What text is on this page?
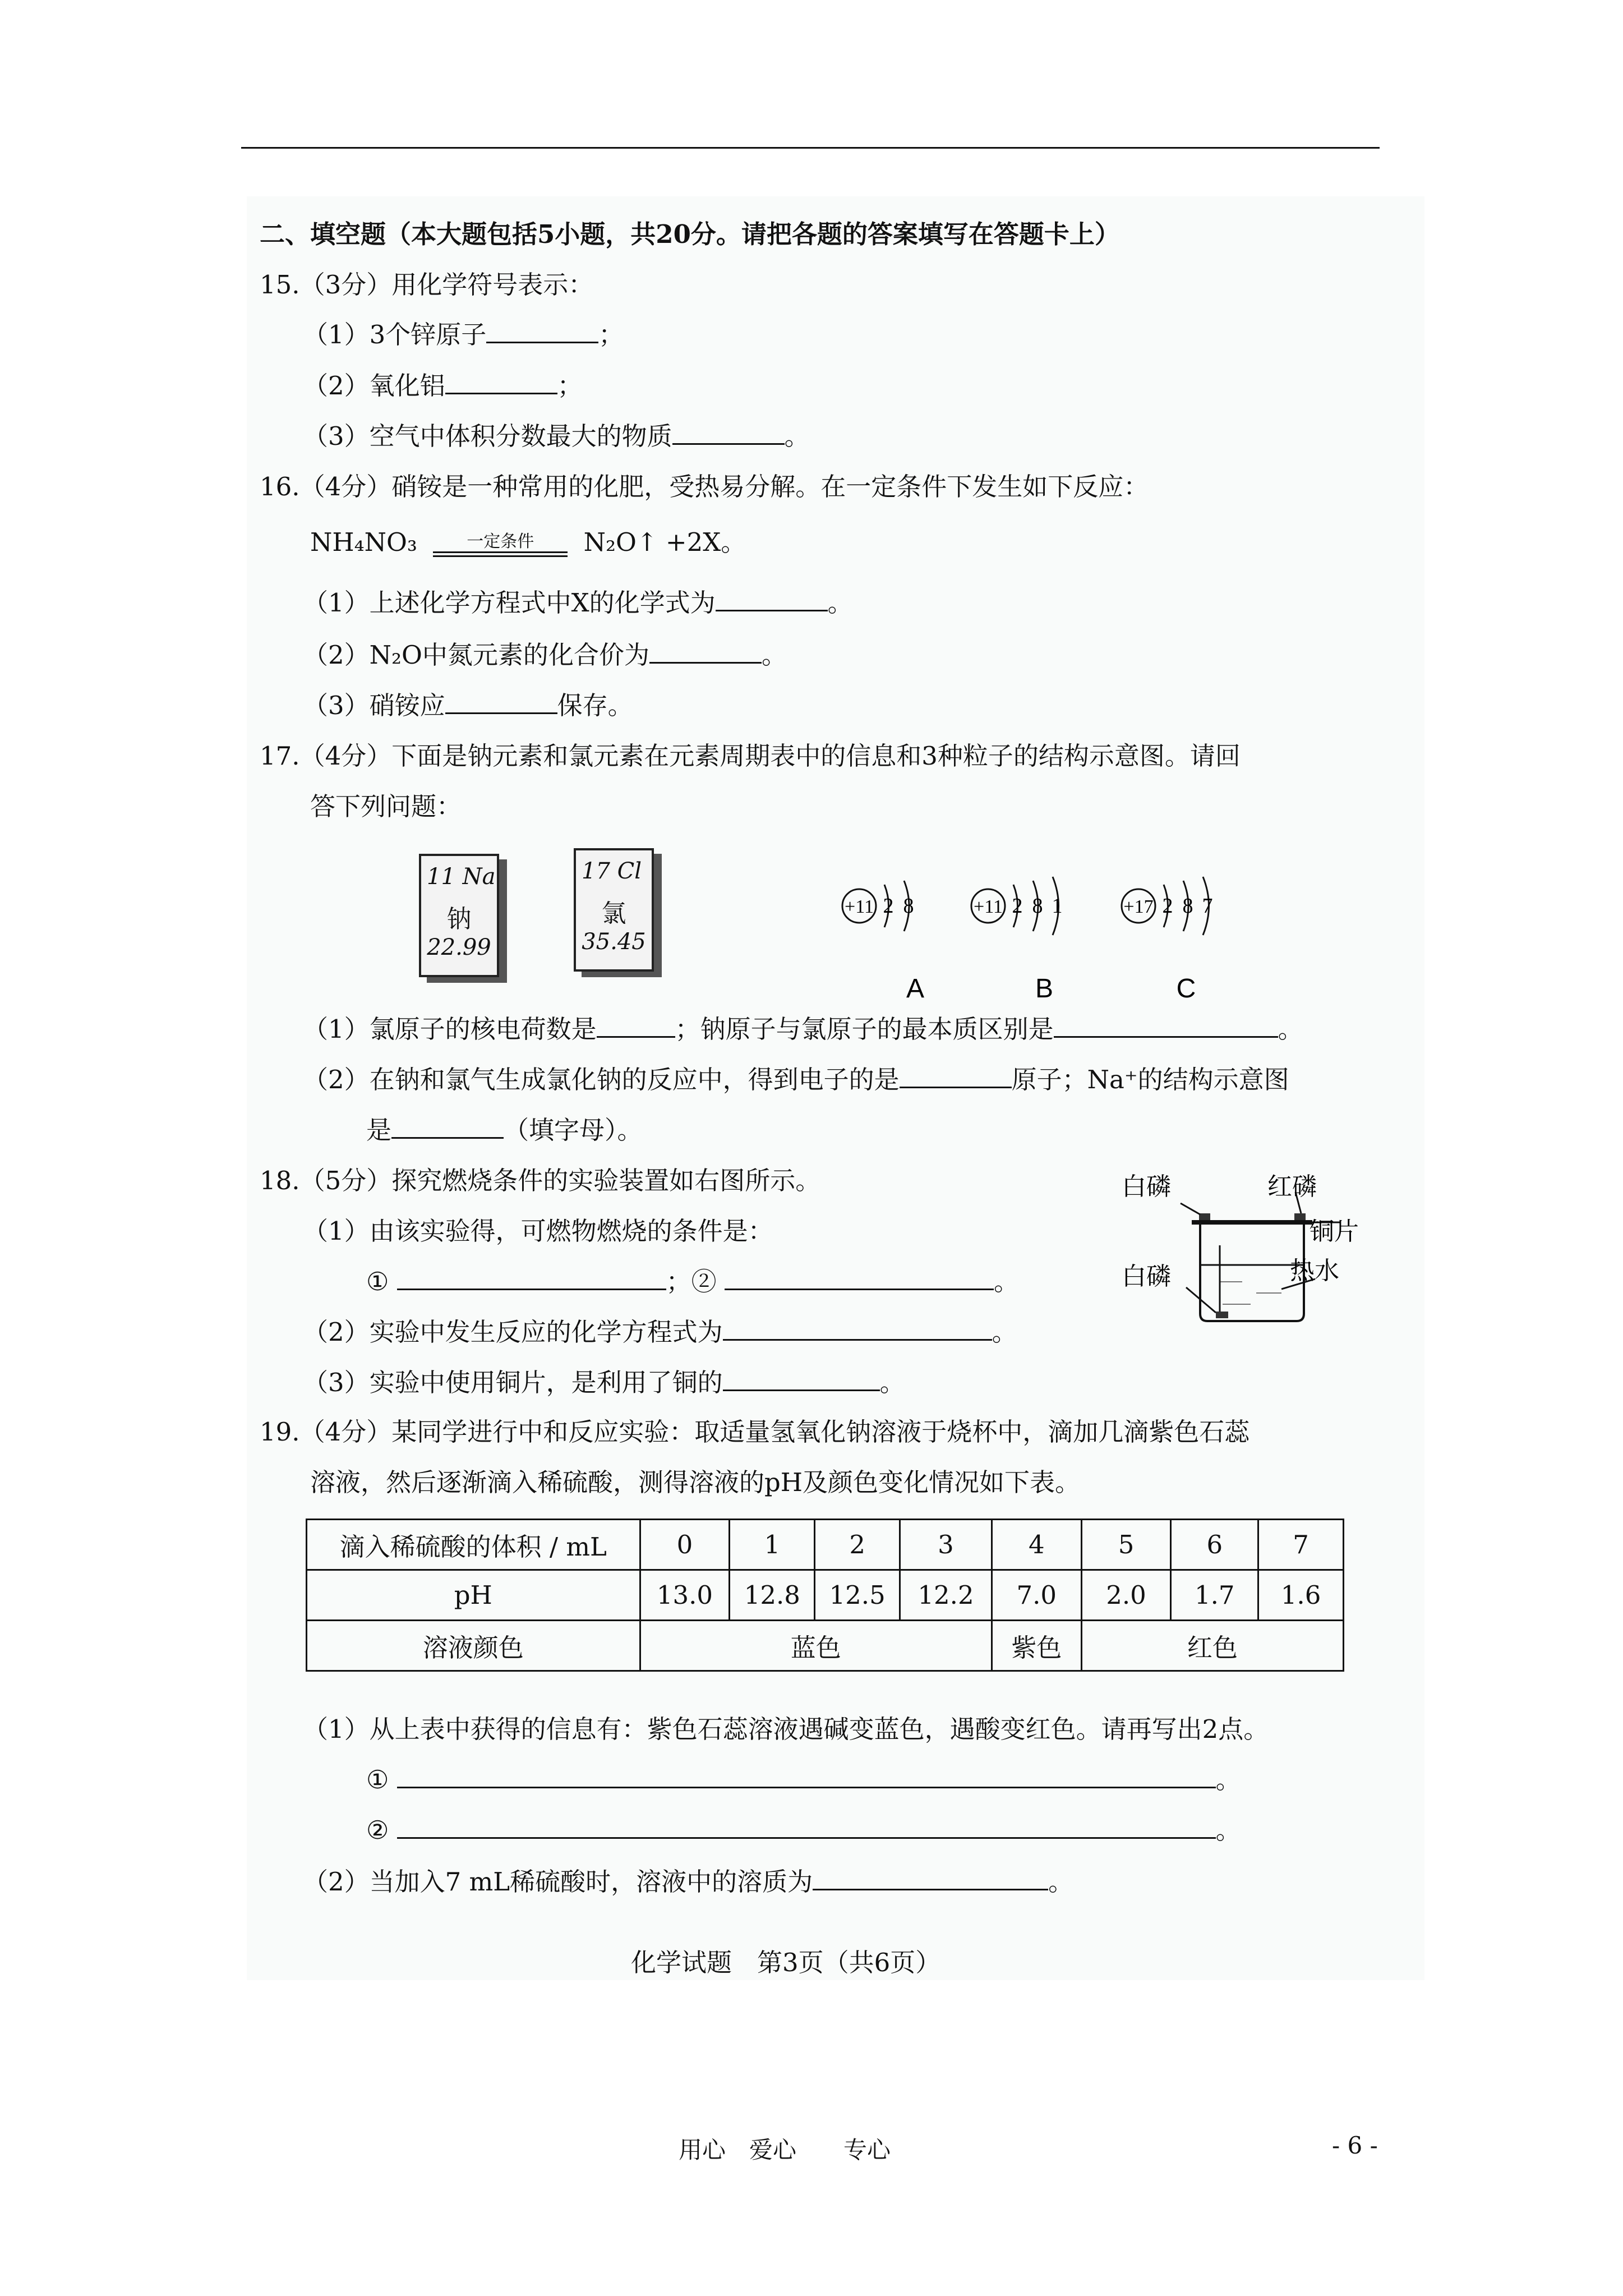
二、填空题（本大题包括5小题，共20分。请把各题的答案填写在答题卡上）
15.（3分）用化学符号表示：
（1）3个锌原子	；
（2）氧化铝	；
（3）空气中体积分数最大的物质	。
16.（4分）硝铵是一种常用的化肥，受热易分解。在一定条件下发生如下反应：
NH₄NO₃	一定条件	N₂O↑ +2X。
（1）上述化学方程式中X的化学式为	。
（2）N₂O中氮元素的化合价为	。
（3）硝铵应	保存。
17.（4分）下面是钠元素和氯元素在元素周期表中的信息和3种粒子的结构示意图。请回
答下列问题：
11 Na
钠
22.99
17 Cl
氯
35.45
+11 2 8
A
+11 2 8 1
B
+17 2 8 7
C
（1）氯原子的核电荷数是	；钠原子与氯原子的最本质区别是	。
（2）在钠和氯气生成氯化钠的反应中，得到电子的是	原子；Na⁺的结构示意图
是	（填字母）。
18.（5分）探究燃烧条件的实验装置如右图所示。
（1）由该实验得，可燃物燃烧的条件是：
①	；②	。
（2）实验中发生反应的化学方程式为	。
（3）实验中使用铜片，是利用了铜的	。
白磷	红磷
铜片
白磷	热水
19.（4分）某同学进行中和反应实验：取适量氢氧化钠溶液于烧杯中，滴加几滴紫色石蕊
溶液，然后逐渐滴入稀硫酸，测得溶液的pH及颜色变化情况如下表。
滴入稀硫酸的体积 / mL	0	1	2	3	4	5	6	7
pH	13.0	12.8	12.5	12.2	7.0	2.0	1.7	1.6
溶液颜色	蓝色				紫色	红色		
（1）从上表中获得的信息有：紫色石蕊溶液遇碱变蓝色，遇酸变红色。请再写出2点。
①	。
②	。
（2）当加入7 mL稀硫酸时，溶液中的溶质为	。
化学试题　第3页（共6页）
用心　爱心　　专心	- 6 -
